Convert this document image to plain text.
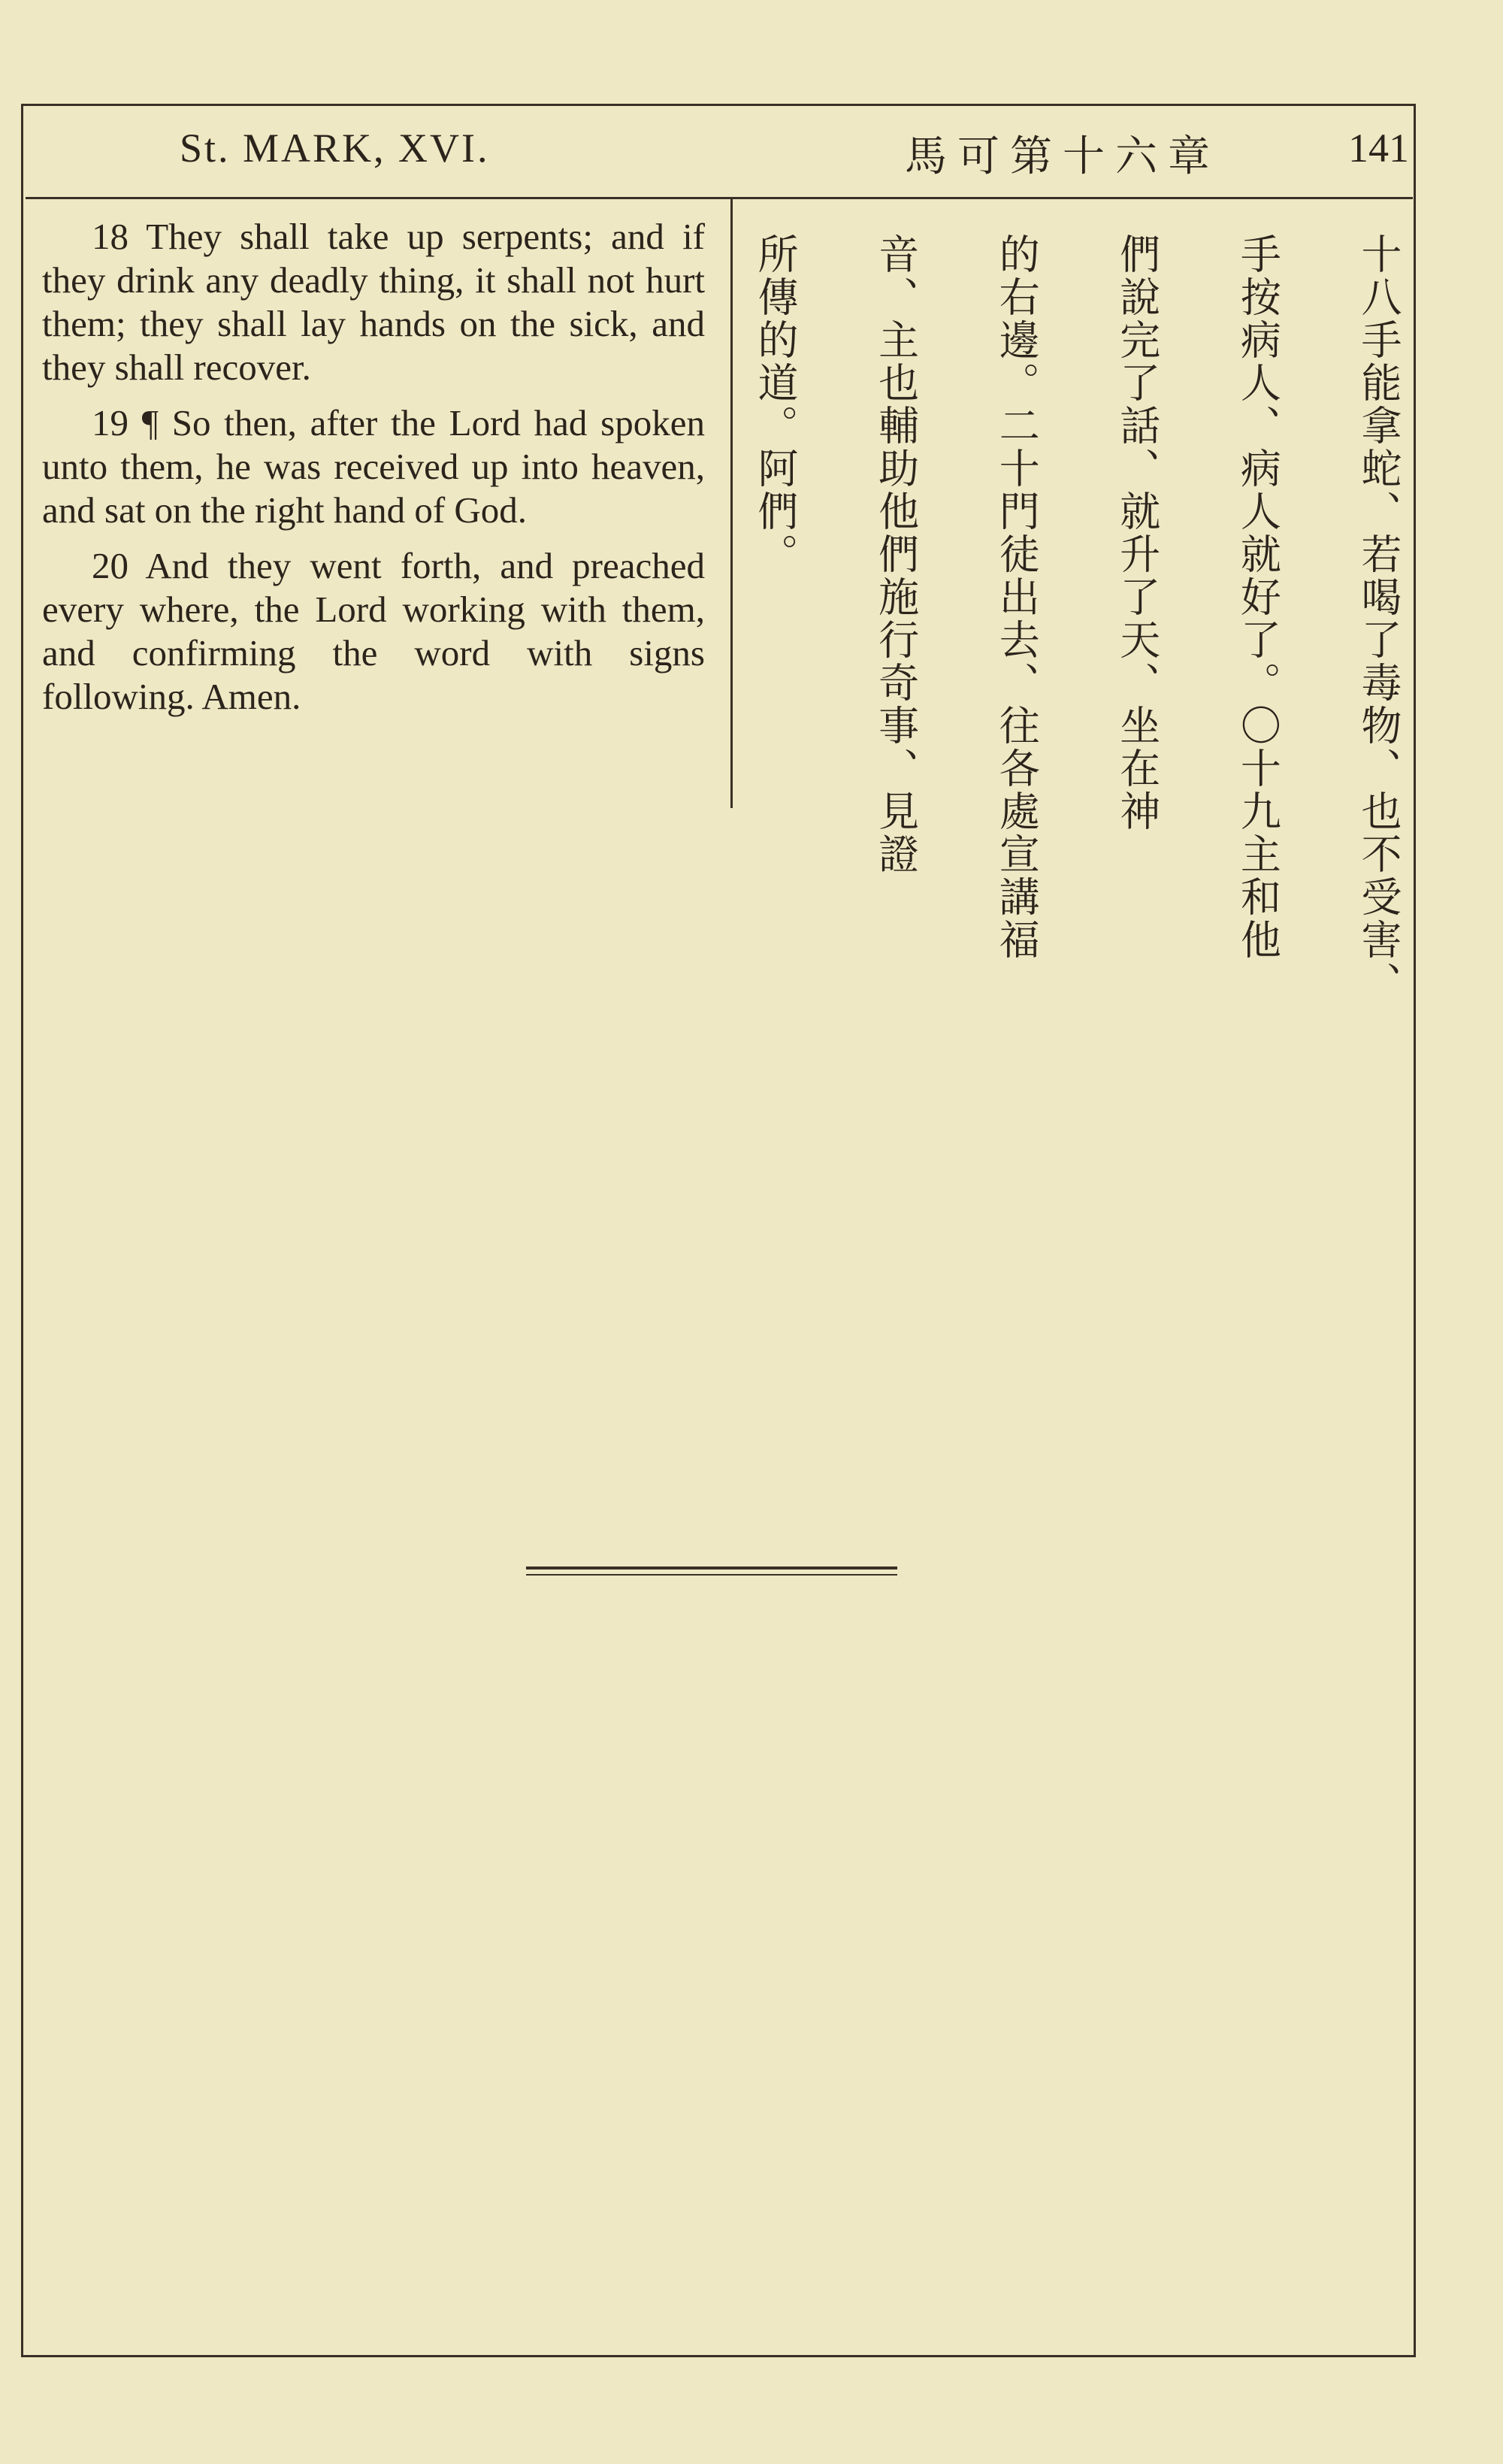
St. MARK, XVI.	馬可第十六章	141

18 They shall take up serpents; and if they drink any deadly thing, it shall not hurt them; they shall lay hands on the sick, and they shall recover.

19 ¶ So then, after the Lord had spoken unto them, he was received up into heaven, and sat on the right hand of God.

20 And they went forth, and preached every where, the Lord working with them, and confirming the word with signs following. Amen.	十八手能拿蛇、若喝了毒物、也不受害、
手按病人、病人就好了。〇十九主和他
們說完了話、就升了天、坐在神
的右邊。二十門徒出去、往各處宣講福
音、主也輔助他們施行奇事、見證
所傳的道。阿們。
